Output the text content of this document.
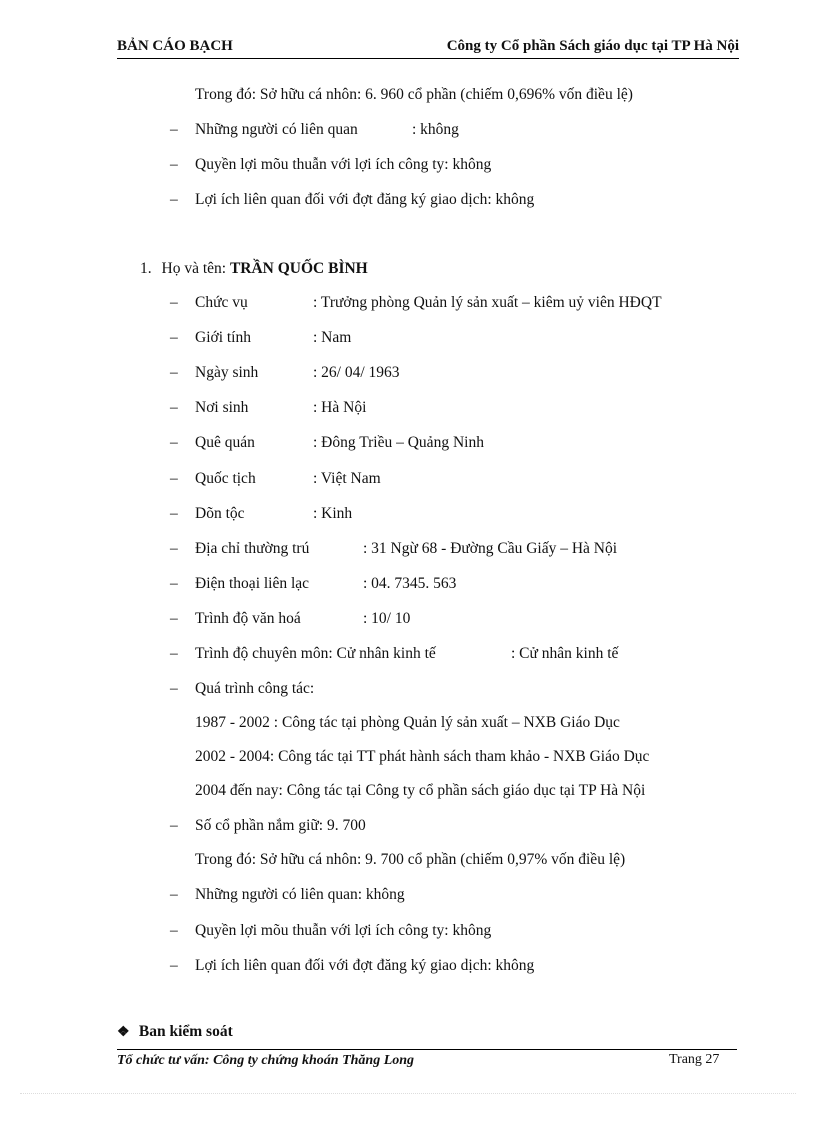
BẢN CÁO BẠCH	Công ty Cổ phần Sách giáo dục tại TP Hà Nội
Trong đó: Sở hữu cá nhôn: 6. 960 cổ phần (chiếm 0,696% vốn điều lệ)
– Những người có liên quan	: không
– Quyền lợi mõu thuẫn với lợi ích công ty: không
– Lợi ích liên quan đối với đợt đăng ký giao dịch: không
1. Họ và tên: TRẦN QUỐC BÌNH
– Chức vụ	: Trưởng phòng Quản lý sản xuất – kiêm uỷ viên HĐQT
– Giới tính	: Nam
– Ngày sinh	: 26/ 04/ 1963
– Nơi sinh	: Hà Nội
– Quê quán	: Đông Triều – Quảng Ninh
– Quốc tịch	: Việt Nam
– Dõn tộc	: Kinh
– Địa chỉ thường trú	: 31 Ngừ 68 - Đường Cầu Giấy – Hà Nội
– Điện thoại liên lạc	: 04. 7345. 563
– Trình độ văn hoá	: 10/ 10
– Trình độ chuyên môn: Cử nhân kinh tế	: Cử nhân kinh tế
– Quá trình công tác:
1987 - 2002 : Công tác tại phòng Quản lý sản xuất – NXB Giáo Dục
2002 - 2004: Công tác tại TT phát hành sách tham khảo - NXB Giáo Dục
2004 đến nay: Công tác tại Công ty cổ phần sách giáo dục tại TP Hà Nội
– Số cổ phần nắm giữ: 9. 700
Trong đó: Sở hữu cá nhôn: 9. 700 cổ phần (chiếm 0,97% vốn điều lệ)
– Những người có liên quan: không
– Quyền lợi mõu thuẫn với lợi ích công ty: không
– Lợi ích liên quan đối với đợt đăng ký giao dịch: không
❖ Ban kiểm soát
Tổ chức tư vấn: Công ty chứng khoán Thăng Long	Trang 27
